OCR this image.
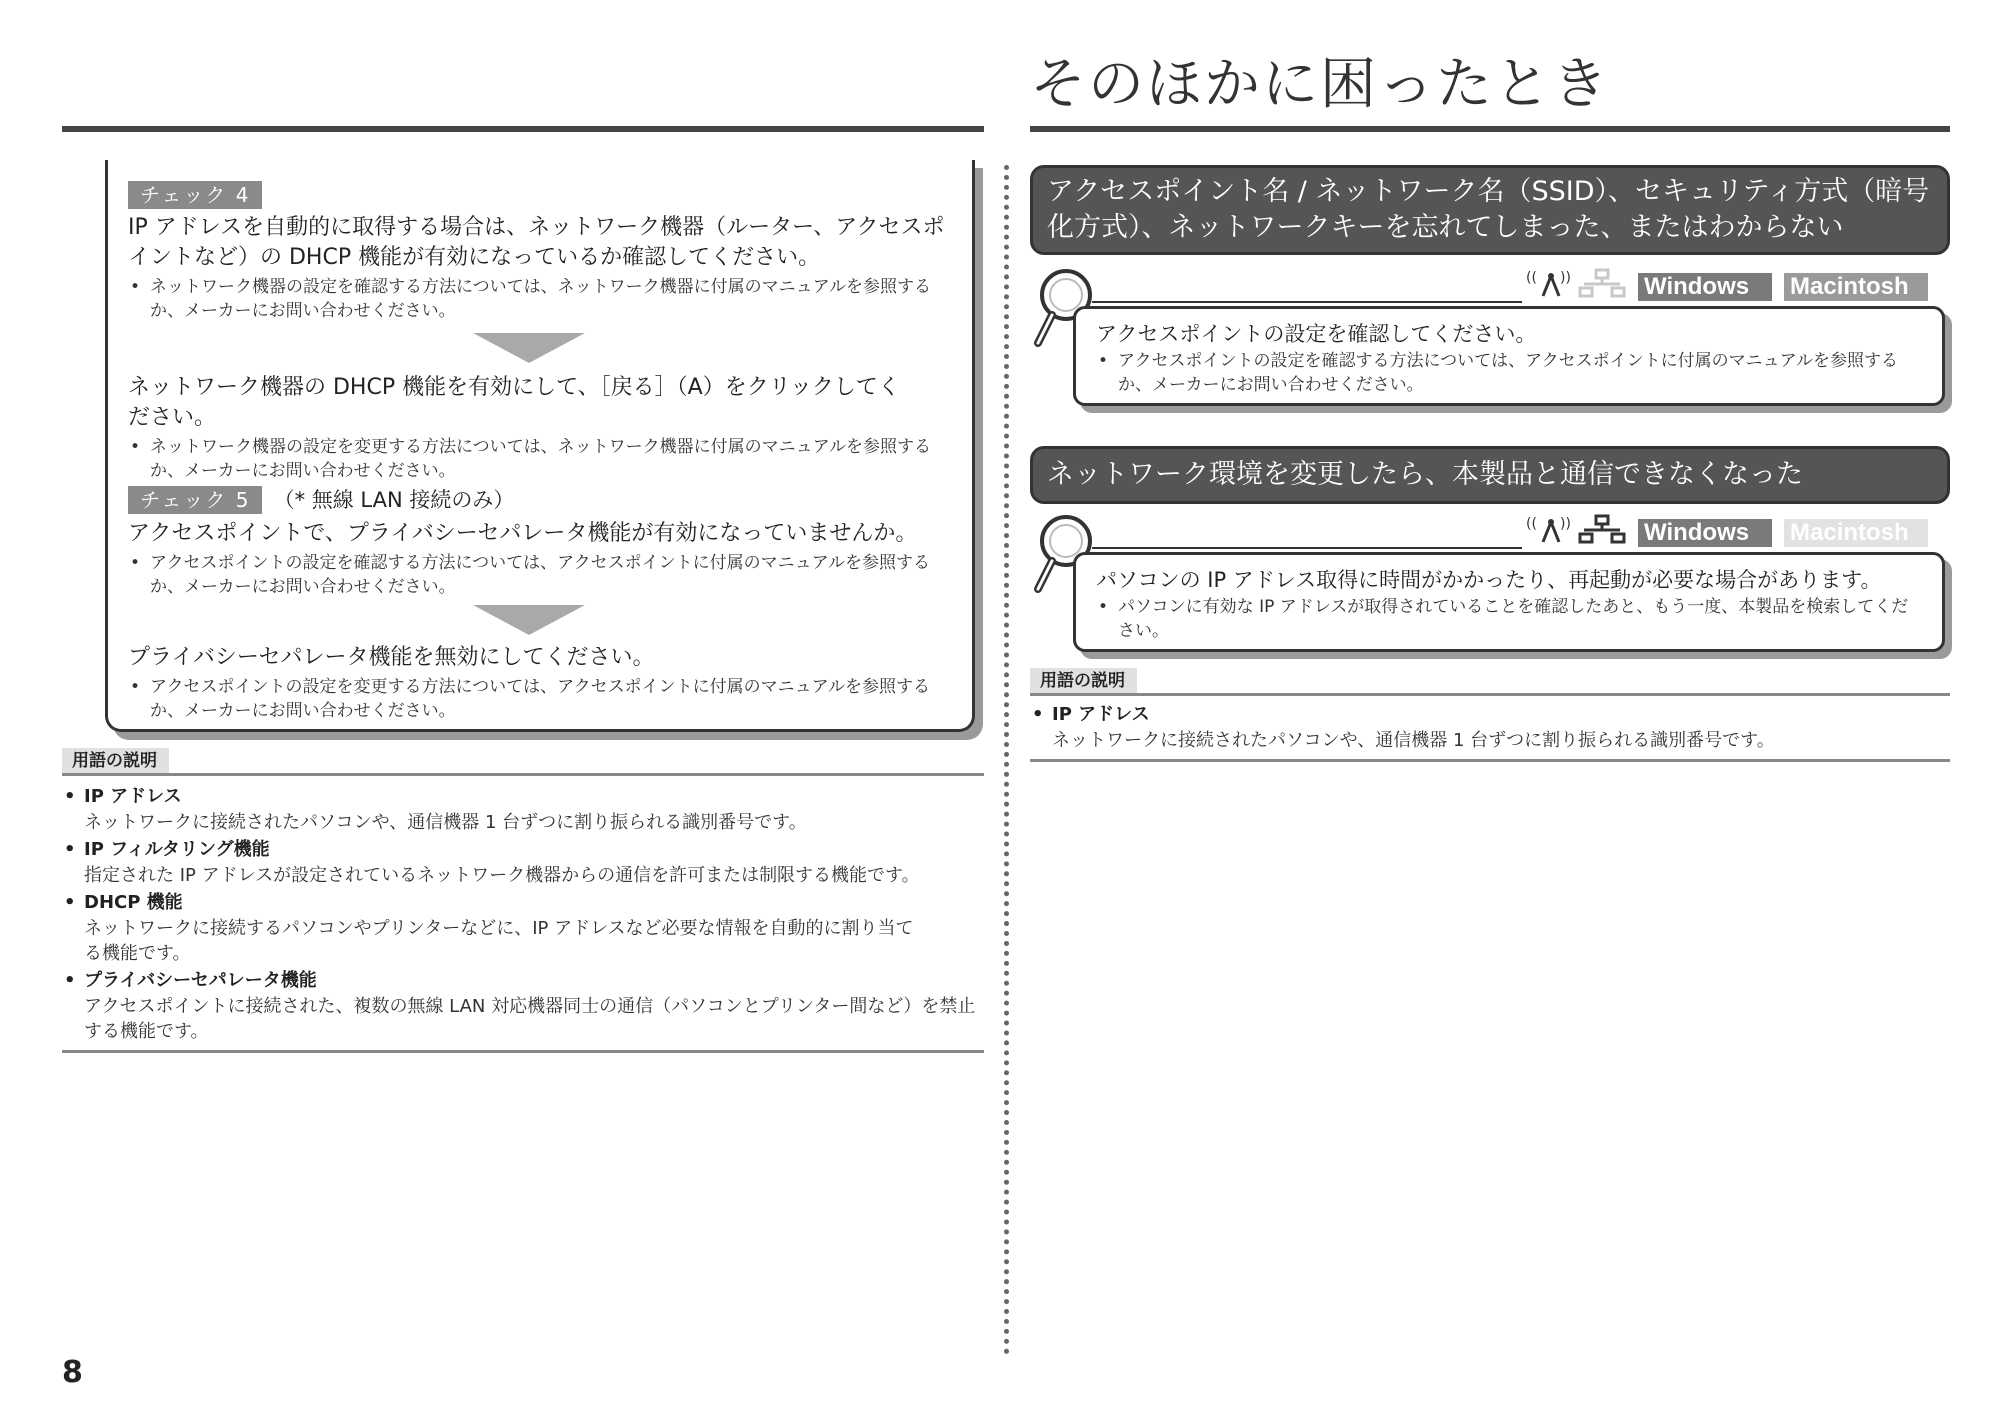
そのほかに困ったとき
チェック 4
IP アドレスを自動的に取得する場合は、ネットワーク機器（ルーター、アクセスポイントなど）の DHCP 機能が有効になっているか確認してください。
• ネットワーク機器の設定を確認する方法については、ネットワーク機器に付属のマニュアルを参照するか、メーカーにお問い合わせください。
ネットワーク機器の DHCP 機能を有効にして、［戻る］（A）をクリックしてください。
• ネットワーク機器の設定を変更する方法については、ネットワーク機器に付属のマニュアルを参照するか、メーカーにお問い合わせください。
チェック 5 （* 無線 LAN 接続のみ）
アクセスポイントで、プライバシーセパレータ機能が有効になっていませんか。
• アクセスポイントの設定を確認する方法については、アクセスポイントに付属のマニュアルを参照するか、メーカーにお問い合わせください。
プライバシーセパレータ機能を無効にしてください。
• アクセスポイントの設定を変更する方法については、アクセスポイントに付属のマニュアルを参照するか、メーカーにお問い合わせください。
用語の説明
• IP アドレス
ネットワークに接続されたパソコンや、通信機器 1 台ずつに割り振られる識別番号です。
• IP フィルタリング機能
指定された IP アドレスが設定されているネットワーク機器からの通信を許可または制限する機能です。
• DHCP 機能
ネットワークに接続するパソコンやプリンターなどに、IP アドレスなど必要な情報を自動的に割り当てる機能です。
• プライバシーセパレータ機能
アクセスポイントに接続された、複数の無線 LAN 対応機器同士の通信（パソコンとプリンター間など）を禁止する機能です。
アクセスポイント名 / ネットワーク名（SSID）、セキュリティ方式（暗号化方式）、ネットワークキーを忘れてしまった、またはわからない
(( ))	Windows	Macintosh
アクセスポイントの設定を確認してください。
• アクセスポイントの設定を確認する方法については、アクセスポイントに付属のマニュアルを参照するか、メーカーにお問い合わせください。
ネットワーク環境を変更したら、本製品と通信できなくなった
(( ))	Windows	Macintosh
パソコンの IP アドレス取得に時間がかかったり、再起動が必要な場合があります。
• パソコンに有効な IP アドレスが取得されていることを確認したあと、もう一度、本製品を検索してください。
用語の説明
• IP アドレス
ネットワークに接続されたパソコンや、通信機器 1 台ずつに割り振られる識別番号です。
8
